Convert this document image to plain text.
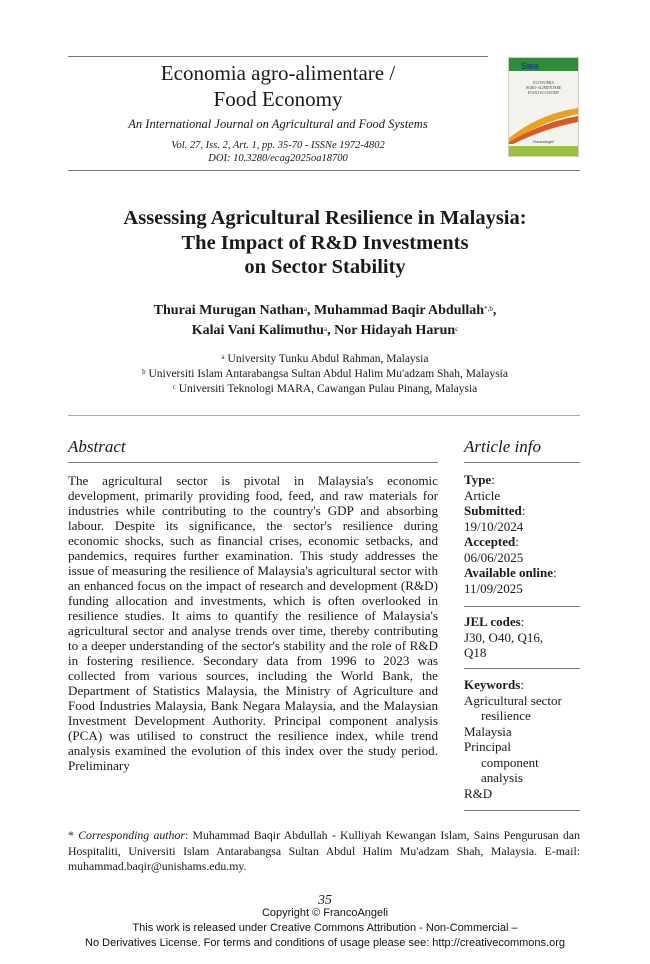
Economia agro-alimentare /
Food Economy
An International Journal on Agricultural and Food Systems
Vol. 27, Iss. 2, Art. 1, pp. 35-70 - ISSNe 1972-4802
DOI: 10.3280/ecag2025oa18700
Siea
ECONOMIA
AGRO-ALIMENTARE
FOOD ECONOMY
FrancoAngeli
Assessing Agricultural Resilience in Malaysia:
The Impact of R&D Investments
on Sector Stability
Thurai Murugan Nathan$^a$, Muhammad Baqir Abdullah$^{*,b}$,
Kalai Vani Kalimuthu$^a$, Nor Hidayah Harun$^c$
$^a$ University Tunku Abdul Rahman, Malaysia
$^b$ Universiti Islam Antarabangsa Sultan Abdul Halim Mu'adzam Shah, Malaysia
$^c$ Universiti Teknologi MARA, Cawangan Pulau Pinang, Malaysia
Abstract
The agricultural sector is pivotal in Malaysia's economic development, primarily providing food, feed, and raw materials for industries while contributing to the country's GDP and absorbing labour. Despite its significance, the sector's resilience during economic shocks, such as financial crises, economic setbacks, and pandemics, requires further examination. This study addresses the issue of measuring the resilience of Malaysia's agricultural sector with an enhanced focus on the impact of research and development (R&D) funding allocation and investments, which is often overlooked in resilience studies. It aims to quantify the resilience of Malaysia's agricultural sector and analyse trends over time, thereby contributing to a deeper understanding of the sector's stability and the role of R&D in fostering resilience. Secondary data from 1996 to 2023 was collected from various sources, including the World Bank, the Department of Statistics Malaysia, the Ministry of Agriculture and Food Industries Malaysia, Bank Negara Malaysia, and the Malaysian Investment Development Authority. Principal component analysis (PCA) was utilised to construct the resilience index, while trend analysis examined the evolution of this index over the study period. Preliminary
Article info
Type:
Article
Submitted:
19/10/2024
Accepted:
06/06/2025
Available online:
11/09/2025
JEL codes:
J30, O40, Q16,
Q18
Keywords:
Agricultural sector
resilience
Malaysia
Principal
component
analysis
R&D
* Corresponding author: Muhammad Baqir Abdullah - Kulliyah Kewangan Islam, Sains Pengurusan dan Hospitaliti, Universiti Islam Antarabangsa Sultan Abdul Halim Mu'adzam Shah, Malaysia. E-mail: muhammad.baqir@unishams.edu.my.
35
Copyright © FrancoAngeli
This work is released under Creative Commons Attribution - Non-Commercial –
No Derivatives License. For terms and conditions of usage please see: http://creativecommons.org
